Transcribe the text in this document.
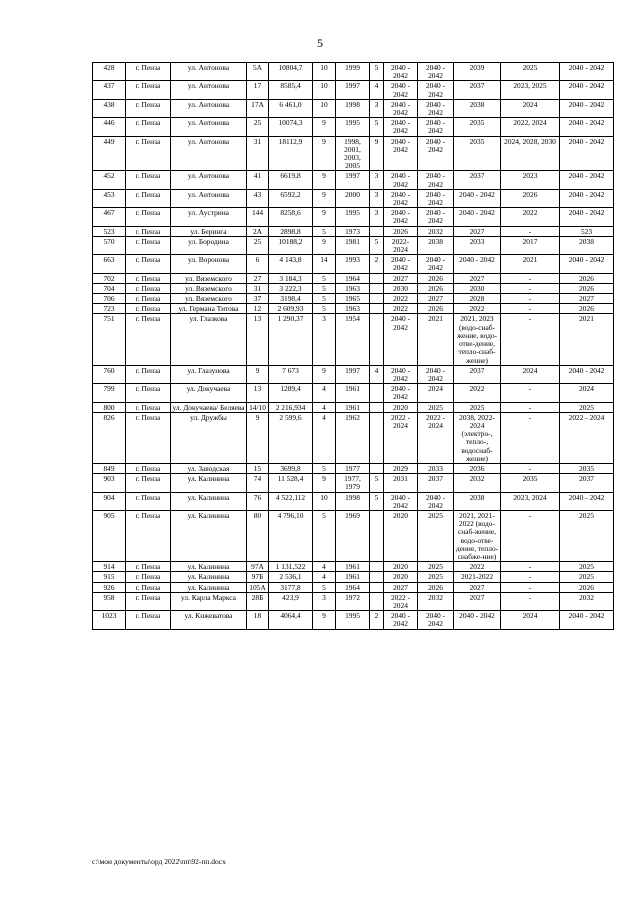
5
428	г. Пенза	ул. Антонова	5А	10804,7	10	1999	5	2040 - 2042	2040 - 2042	2039	2025	2040 - 2042
437	г. Пенза	ул. Антонова	17	8585,4	10	1997	4	2040 - 2042	2040 - 2042	2037	2023, 2025	2040 - 2042
438	г. Пенза	ул. Антонова	17А	6 461,0	10	1998	3	2040 - 2042	2040 - 2042	2038	2024	2040 - 2042
446	г. Пенза	ул. Антонова	25	10074,3	9	1995	5	2040 - 2042	2040 - 2042	2035	2022, 2024	2040 - 2042
449	г. Пенза	ул. Антонова	31	18112,9	9	1998, 2001, 2003, 2005	9	2040 - 2042	2040 - 2042	2035	2024, 2028, 2030	2040 - 2042
452	г. Пенза	ул. Антонова	41	6619,8	9	1997	3	2040 - 2042	2040 - 2042	2037	2023	2040 - 2042
453	г. Пенза	ул. Антонова	43	6592,2	9	2000	3	2040 - 2042	2040 - 2042	2040 - 2042	2026	2040 - 2042
467	г. Пенза	ул. Аустрина	144	8258,6	9	1995	3	2040 - 2042	2040 - 2042	2040 - 2042	2022	2040 - 2042
523	г. Пенза	ул. Беринга	2А	2898,8	5	1973		2026	2032	2027	-	523
570	г. Пенза	ул. Бородина	25	10188,2	9	1981	5	2022-2024	2038	2033	2017	2038
663	г. Пенза	ул. Воронова	6	4 143,8	14	1993	2	2040 - 2042	2040 - 2042	2040 - 2042	2021	2040 - 2042
702	г. Пенза	ул. Вяземского	27	3 184,3	5	1964		2027	2026	2027	-	2026
704	г. Пенза	ул. Вяземского	31	3 222,3	5	1963		2030	2026	2030	-	2026
706	г. Пенза	ул. Вяземского	37	3198,4	5	1965		2022	2027	2028	-	2027
723	г. Пенза	ул. Германа Титова	12	2 609,93	5	1963		2022	2026	2022	-	2026
751	г. Пенза	ул. Глазкова	13	1 290,37	3	1954		2040 - 2042	2021	2021, 2023 (водо-снаб-жение, водо-отве-дение, тепло-снаб-жение)	-	2021
760	г. Пенза	ул. Глазунова	9	7 673	9	1997	4	2040 - 2042	2040 - 2042	2037	2024	2040 - 2042
799	г. Пенза	ул. Докучаева	13	1289,4	4	1961		2040 - 2042	2024	2022	-	2024
800	г. Пенза	ул. Докучаева/ Беляева	14/10	2 216,934	4	1961		2020	2025	2025	-	2025
826	г. Пенза	ул. Дружбы	9	2 599,6	4	1962		2022 - 2024	2022 - 2024	2038, 2022-2024 (электро-, тепло-, водоснаб-жение)	-	2022 - 2024
849	г. Пенза	ул. Заводская	15	3699,8	5	1977		2029	2033	2036	-	2035
903	г. Пенза	ул. Калинина	74	11 528,4	9	1977, 1979	5	2031	2037	2032	2035	2037
904	г. Пенза	ул. Калинина	76	4 522,112	10	1998	5	2040 - 2042	2040 - 2042	2038	2023, 2024	2040 - 2042
905	г. Пенза	ул. Калинина	80	4 796,10	5	1969		2020	2025	2021, 2021-2022 (водо-снаб-жение, водо-отве-дение, тепло-снабже-ние)	-	2025
914	г. Пенза	ул. Калинина	97А	1 131,522	4	1961		2020	2025	2022	-	2025
915	г. Пенза	ул. Калинина	97Б	2 536,1	4	1961		2020	2025	2021-2022	-	2025
926	г. Пенза	ул. Калинина	105А	3177,8	5	1964		2027	2026	2027	-	2026
958	г. Пенза	ул. Карла Маркса	28Б	423,9	3	1972		2022 - 2024	2032	2027	-	2032
1023	г. Пенза	ул. Кижеватова	18	4064,4	9	1995	2	2040 - 2042	2040 - 2042	2040 - 2042	2024	2040 - 2042
c:\мои документы\орд 2022\пп\92-пп.docx
